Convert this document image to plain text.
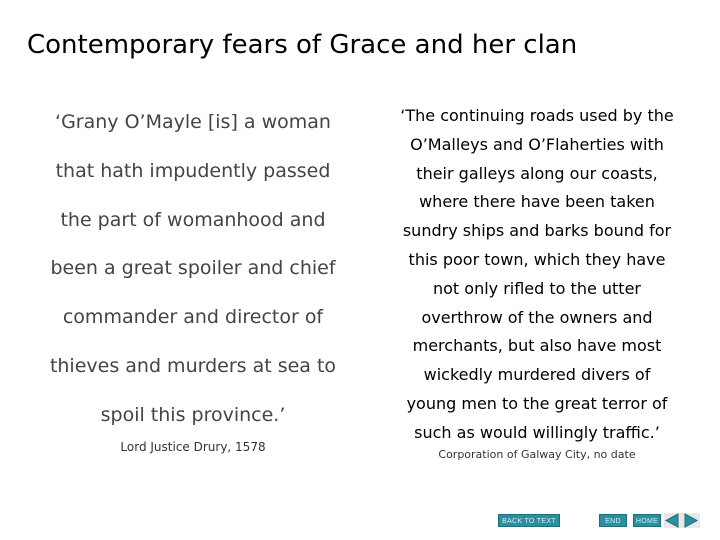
Contemporary fears of Grace and her clan

‘Grany O’Mayle [is] a woman
that hath impudently passed
the part of womanhood and
been a great spoiler and chief
commander and director of
thieves and murders at sea to
spoil this province.’

Lord Justice Drury, 1578

‘The continuing roads used by the
O’Malleys and O’Flaherties with
their galleys along our coasts,
where there have been taken
sundry ships and barks bound for
this poor town, which they have
not only rifled to the utter
overthrow of the owners and
merchants, but also have most
wickedly murdered divers of
young men to the great terror of
such as would willingly traffic.’

Corporation of Galway City, no date
BACK TO TEXT	END	HOME
